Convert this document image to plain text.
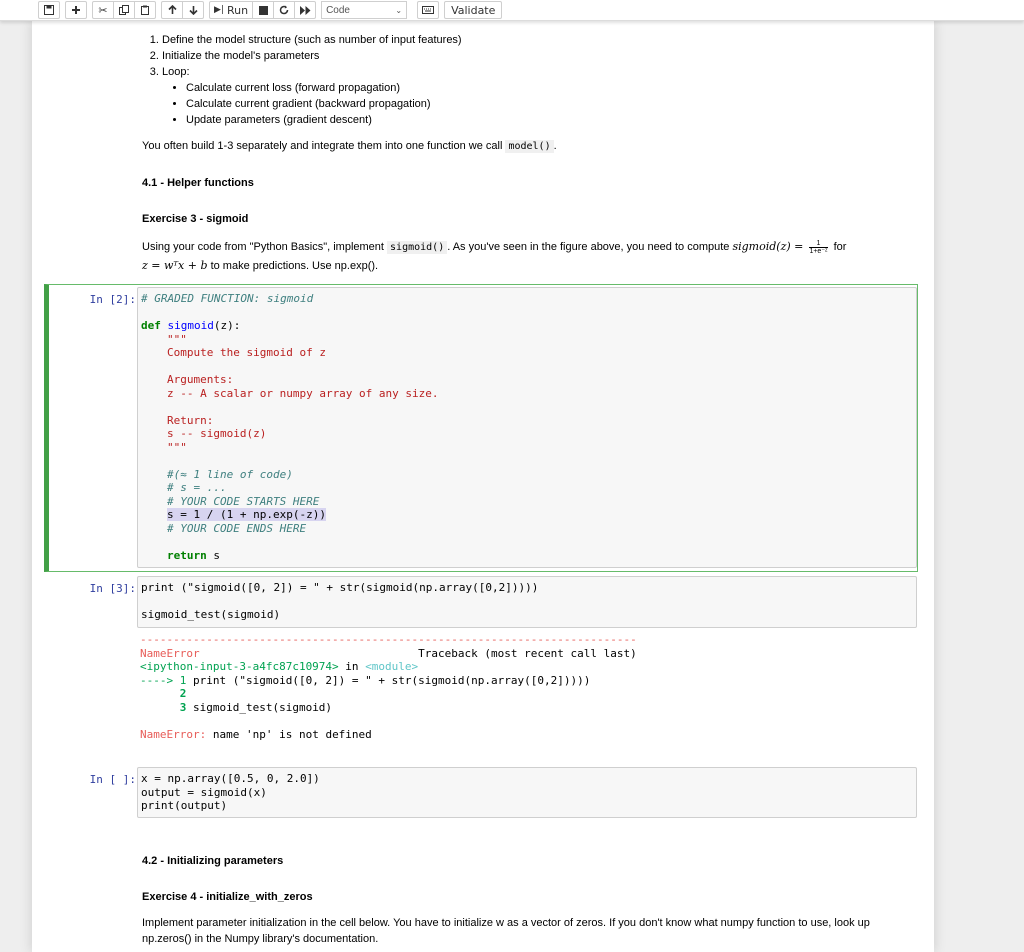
✂	▶︎| Run	Code	⌄	Validate
1. Define the model structure (such as number of input features)
2. Initialize the model's parameters
3. Loop:
• Calculate current loss (forward propagation)
• Calculate current gradient (backward propagation)
• Update parameters (gradient descent)
You often build 1-3 separately and integrate them into one function we call model() .
4.1 - Helper functions
Exercise 3 - sigmoid
Using your code from "Python Basics", implement sigmoid() . As you've seen in the figure above, you need to compute sigmoid(z) = $\frac{1}{\text{1+e⁻ᶻ}}$ for
z = wᵀx + b to make predictions. Use np.exp().
In [2]: # GRADED FUNCTION: sigmoid
def sigmoid(z):
"""
Compute the sigmoid of z
Arguments:
z -- A scalar or numpy array of any size.
Return:
s -- sigmoid(z)
"""
#(≈ 1 line of code)
# s = ...
# YOUR CODE STARTS HERE
s = 1 / (1 + np.exp(-z))
# YOUR CODE ENDS HERE
return s
In [3]: print ("sigmoid([0, 2]) = " + str(sigmoid(np.array([0,2]))))
sigmoid_test(sigmoid)
---------------------------------------------------------------------------
NameError                                 Traceback (most recent call last)
<ipython-input-3-a4fc87c10974> in <module>
----> 1 print ("sigmoid([0, 2]) = " + str(sigmoid(np.array([0,2]))))
2
3 sigmoid_test(sigmoid)
NameError: name 'np' is not defined
In [ ]: x = np.array([0.5, 0, 2.0])
output = sigmoid(x)
print(output)
4.2 - Initializing parameters
Exercise 4 - initialize_with_zeros
Implement parameter initialization in the cell below. You have to initialize w as a vector of zeros. If you don't know what numpy function to use, look up
np.zeros() in the Numpy library's documentation.
